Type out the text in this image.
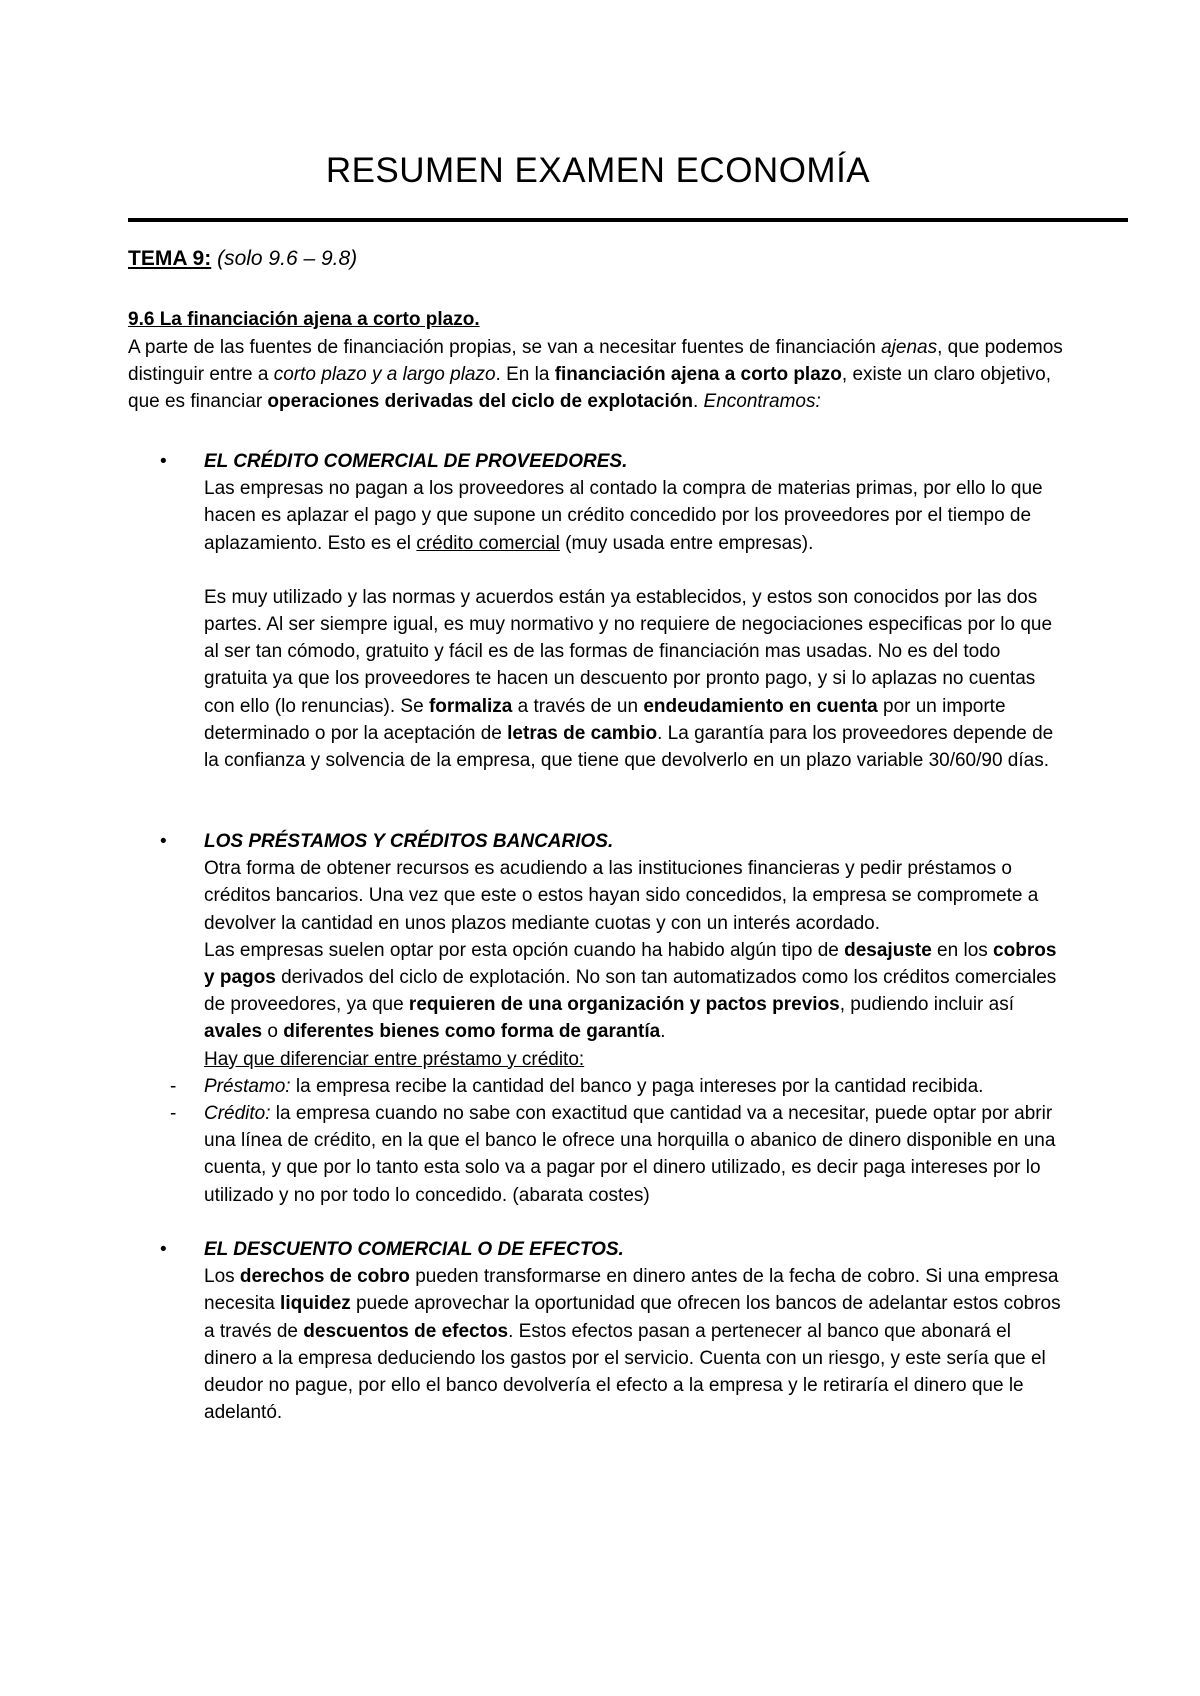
RESUMEN EXAMEN ECONOMÍA
TEMA 9: (solo 9.6 – 9.8)
9.6 La financiación ajena a corto plazo.
A parte de las fuentes de financiación propias, se van a necesitar fuentes de financiación ajenas, que podemos distinguir entre a corto plazo y a largo plazo. En la financiación ajena a corto plazo, existe un claro objetivo, que es financiar operaciones derivadas del ciclo de explotación. Encontramos:
• EL CRÉDITO COMERCIAL DE PROVEEDORES.
Las empresas no pagan a los proveedores al contado la compra de materias primas, por ello lo que hacen es aplazar el pago y que supone un crédito concedido por los proveedores por el tiempo de aplazamiento. Esto es el crédito comercial (muy usada entre empresas).
Es muy utilizado y las normas y acuerdos están ya establecidos, y estos son conocidos por las dos partes. Al ser siempre igual, es muy normativo y no requiere de negociaciones especificas por lo que al ser tan cómodo, gratuito y fácil es de las formas de financiación mas usadas. No es del todo gratuita ya que los proveedores te hacen un descuento por pronto pago, y si lo aplazas no cuentas con ello (lo renuncias). Se formaliza a través de un endeudamiento en cuenta por un importe determinado o por la aceptación de letras de cambio. La garantía para los proveedores depende de la confianza y solvencia de la empresa, que tiene que devolverlo en un plazo variable 30/60/90 días.
• LOS PRÉSTAMOS Y CRÉDITOS BANCARIOS.
Otra forma de obtener recursos es acudiendo a las instituciones financieras y pedir préstamos o créditos bancarios. Una vez que este o estos hayan sido concedidos, la empresa se compromete a devolver la cantidad en unos plazos mediante cuotas y con un interés acordado.
Las empresas suelen optar por esta opción cuando ha habido algún tipo de desajuste en los cobros y pagos derivados del ciclo de explotación. No son tan automatizados como los créditos comerciales de proveedores, ya que requieren de una organización y pactos previos, pudiendo incluir así avales o diferentes bienes como forma de garantía.
Hay que diferenciar entre préstamo y crédito:
- Préstamo: la empresa recibe la cantidad del banco y paga intereses por la cantidad recibida.
- Crédito: la empresa cuando no sabe con exactitud que cantidad va a necesitar, puede optar por abrir una línea de crédito, en la que el banco le ofrece una horquilla o abanico de dinero disponible en una cuenta, y que por lo tanto esta solo va a pagar por el dinero utilizado, es decir paga intereses por lo utilizado y no por todo lo concedido. (abarata costes)
• EL DESCUENTO COMERCIAL O DE EFECTOS.
Los derechos de cobro pueden transformarse en dinero antes de la fecha de cobro. Si una empresa necesita liquidez puede aprovechar la oportunidad que ofrecen los bancos de adelantar estos cobros a través de descuentos de efectos. Estos efectos pasan a pertenecer al banco que abonará el dinero a la empresa deduciendo los gastos por el servicio. Cuenta con un riesgo, y este sería que el deudor no pague, por ello el banco devolvería el efecto a la empresa y le retiraría el dinero que le adelantó.
